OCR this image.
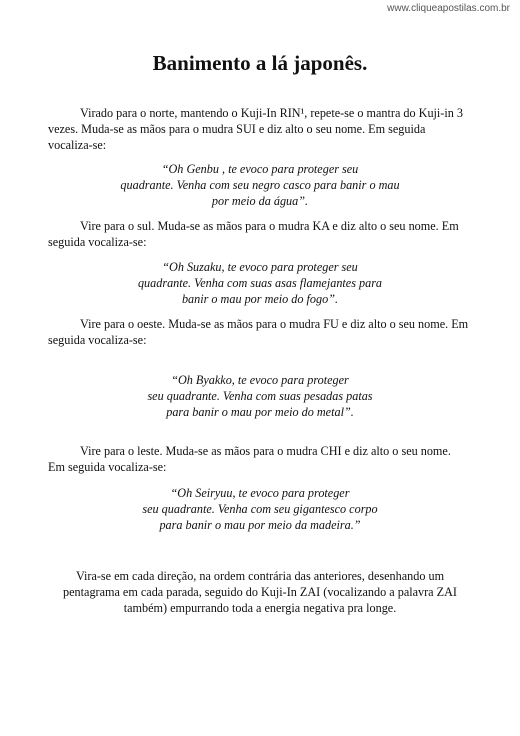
www.cliqueapostilas.com.br
Banimento a lá japonês.

Virado para o norte, mantendo o Kuji-In RIN¹, repete-se o mantra do Kuji-in 3

vezes. Muda-se as mãos para o mudra SUI e diz alto o seu nome. Em seguida

vocaliza-se:

“Oh Genbu , te evoco para proteger seu
quadrante. Venha com seu negro casco para banir o mau
por meio da água”.

Vire para o sul. Muda-se as mãos para o mudra KA e diz alto o seu nome. Em

seguida vocaliza-se:

“Oh Suzaku, te evoco para proteger seu
quadrante. Venha com suas asas flamejantes para
banir o mau por meio do fogo”.

Vire para o oeste. Muda-se as mãos para o mudra FU e diz alto o seu nome. Em

seguida vocaliza-se:

“Oh Byakko, te evoco para proteger
seu quadrante. Venha com suas pesadas patas
para banir o mau por meio do metal”.

Vire para o leste. Muda-se as mãos para o mudra CHI e diz alto o seu nome.

Em seguida vocaliza-se:

“Oh Seiryuu, te evoco para proteger
seu quadrante. Venha com seu gigantesco corpo
para banir o mau por meio da madeira.”
Vira-se em cada direção, na ordem contrária das anteriores, desenhando um
pentagrama em cada parada, seguido do Kuji-In ZAI (vocalizando a palavra ZAI
também) empurrando toda a energia negativa pra longe.
